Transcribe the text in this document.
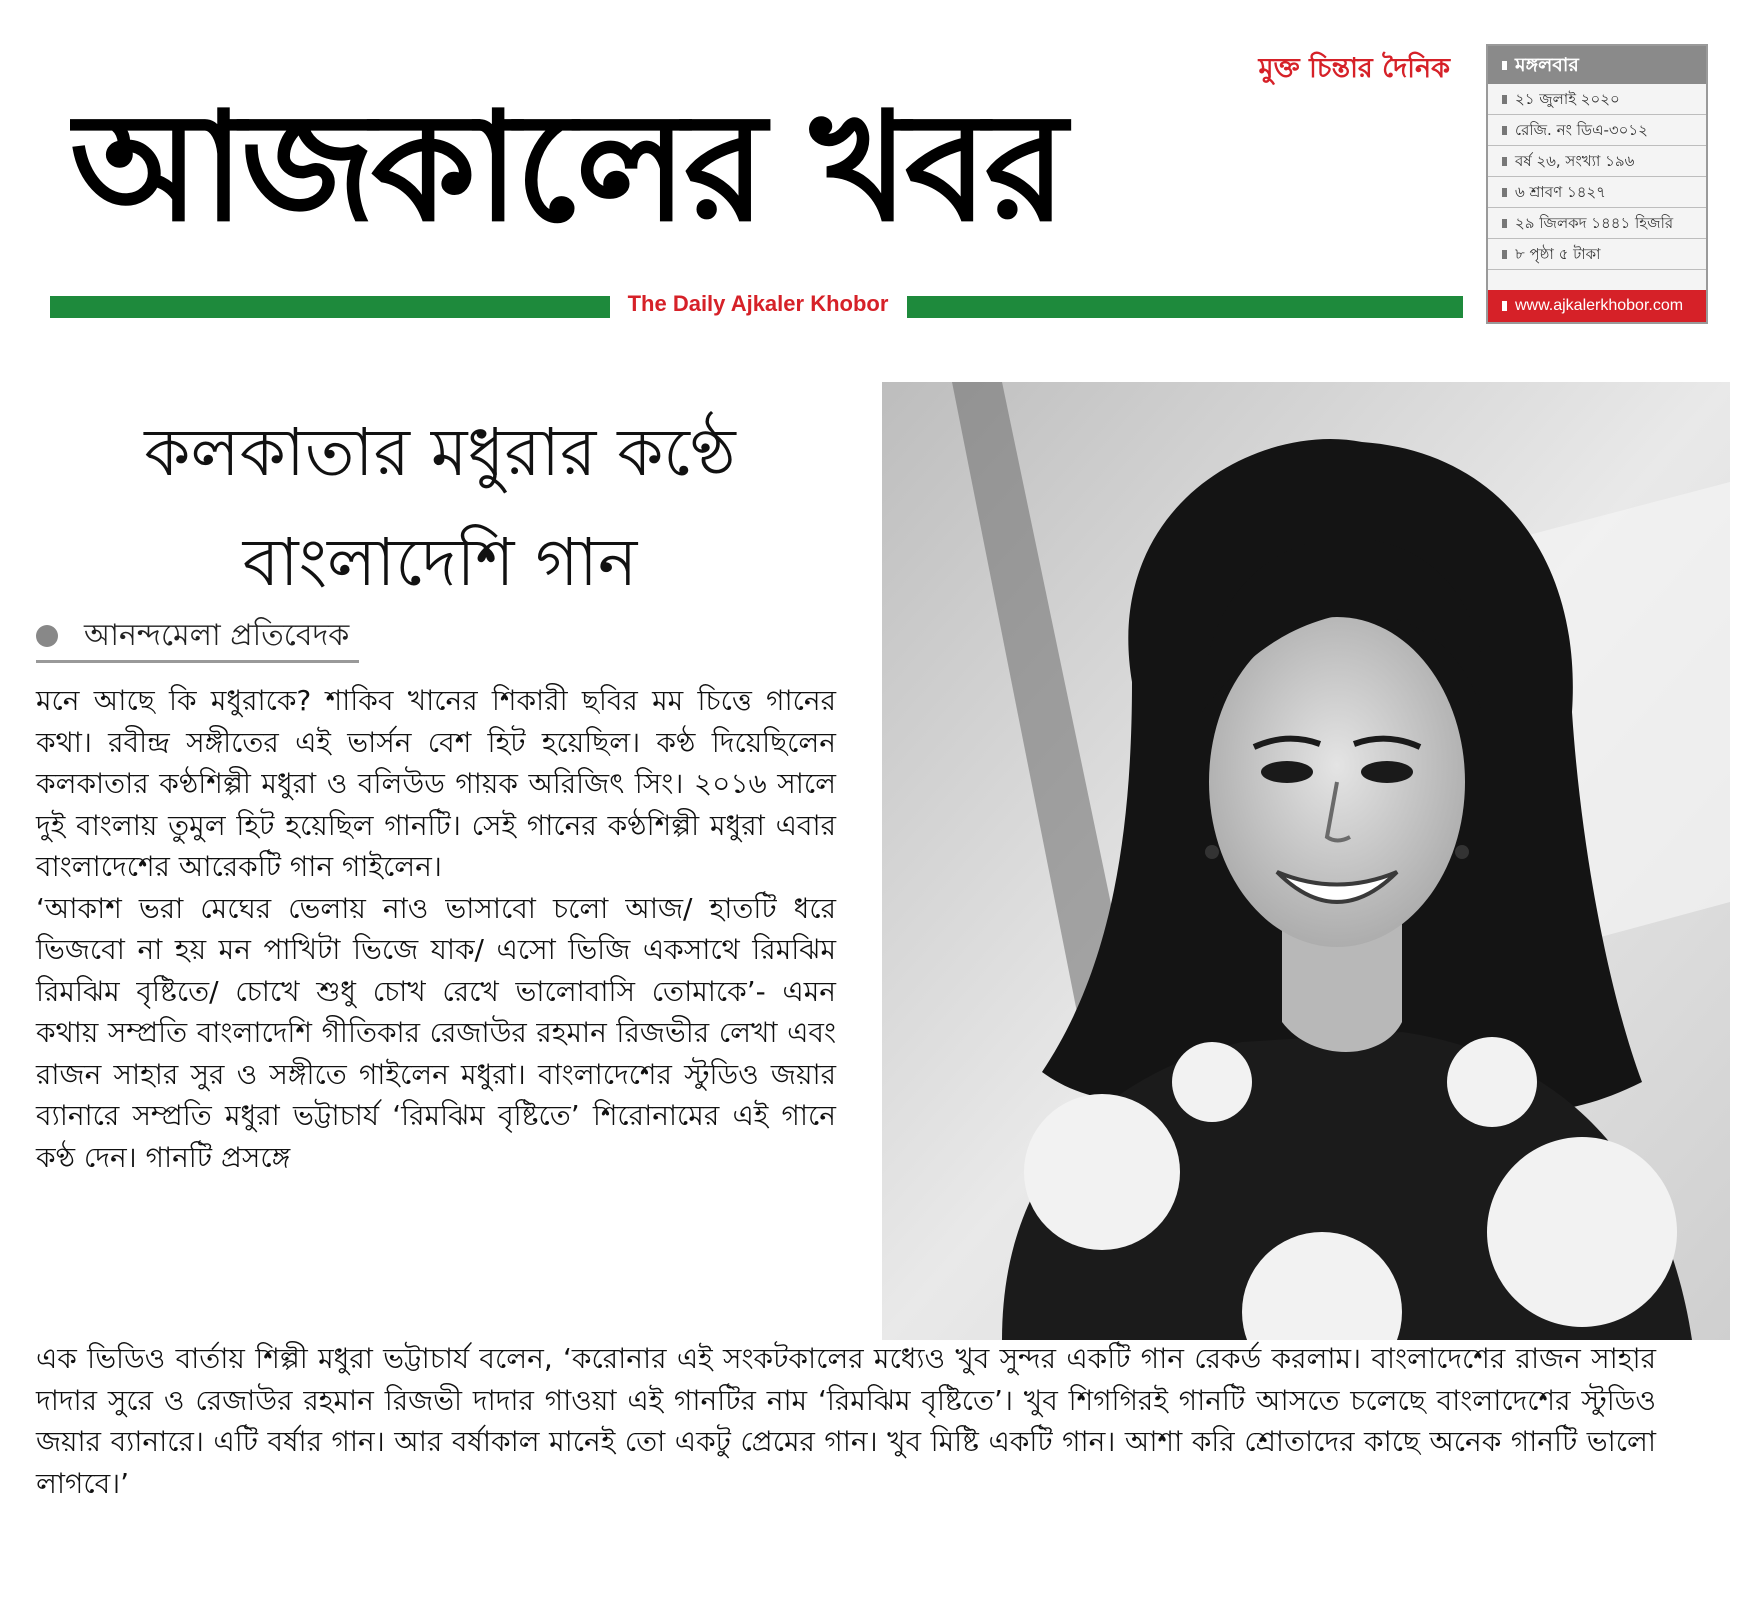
মুক্ত চিন্তার দৈনিক
আজকালের খবর
The Daily Ajkaler Khobor
মঙ্গলবার
২১ জুলাই ২০২০
রেজি. নং ডিএ-৩০১২
বর্ষ ২৬, সংখ্যা ১৯৬
৬ শ্রাবণ ১৪২৭
২৯ জিলকদ ১৪৪১ হিজরি
৮ পৃষ্ঠা ৫ টাকা
www.ajkalerkhobor.com
কলকাতার মধুরার কণ্ঠে
বাংলাদেশি গান
আনন্দমেলা প্রতিবেদক

মনে আছে কি মধুরাকে? শাকিব খানের শিকারী ছবির মম চিত্তে গানের কথা। রবীন্দ্র সঙ্গীতের এই ভার্সন বেশ হিট হয়েছিল। কণ্ঠ দিয়েছিলেন কলকাতার কণ্ঠশিল্পী মধুরা ও বলিউড গায়ক অরিজিৎ সিং। ২০১৬ সালে দুই বাংলায় তুমুল হিট হয়েছিল গানটি। সেই গানের কণ্ঠশিল্পী মধুরা এবার বাংলাদেশের আরেকটি গান গাইলেন।

‘আকাশ ভরা মেঘের ভেলায় নাও ভাসাবো চলো আজ/ হাতটি ধরে ভিজবো না হয় মন পাখিটা ভিজে যাক/ এসো ভিজি একসাথে রিমঝিম রিমঝিম বৃষ্টিতে/ চোখে শুধু চোখ রেখে ভালোবাসি তোমাকে’- এমন কথায় সম্প্রতি বাংলাদেশি গীতিকার রেজাউর রহমান রিজভীর লেখা এবং রাজন সাহার সুর ও সঙ্গীতে গাইলেন মধুরা। বাংলাদেশের স্টুডিও জয়ার ব্যানারে সম্প্রতি মধুরা ভট্টাচার্য ‘রিমঝিম বৃষ্টিতে’ শিরোনামের এই গানে কণ্ঠ দেন। গানটি প্রসঙ্গে

এক ভিডিও বার্তায় শিল্পী মধুরা ভট্টাচার্য বলেন, ‘করোনার এই সংকটকালের মধ্যেও খুব সুন্দর একটি গান রেকর্ড করলাম। বাংলাদেশের রাজন সাহার দাদার সুরে ও রেজাউর রহমান রিজভী দাদার গাওয়া এই গানটির নাম ‘রিমঝিম বৃষ্টিতে’। খুব শিগগিরই গানটি আসতে চলেছে বাংলাদেশের স্টুডিও জয়ার ব্যানারে। এটি বর্ষার গান। আর বর্ষাকাল মানেই তো একটু প্রেমের গান। খুব মিষ্টি একটি গান। আশা করি শ্রোতাদের কাছে অনেক গানটি ভালো লাগবে।’
